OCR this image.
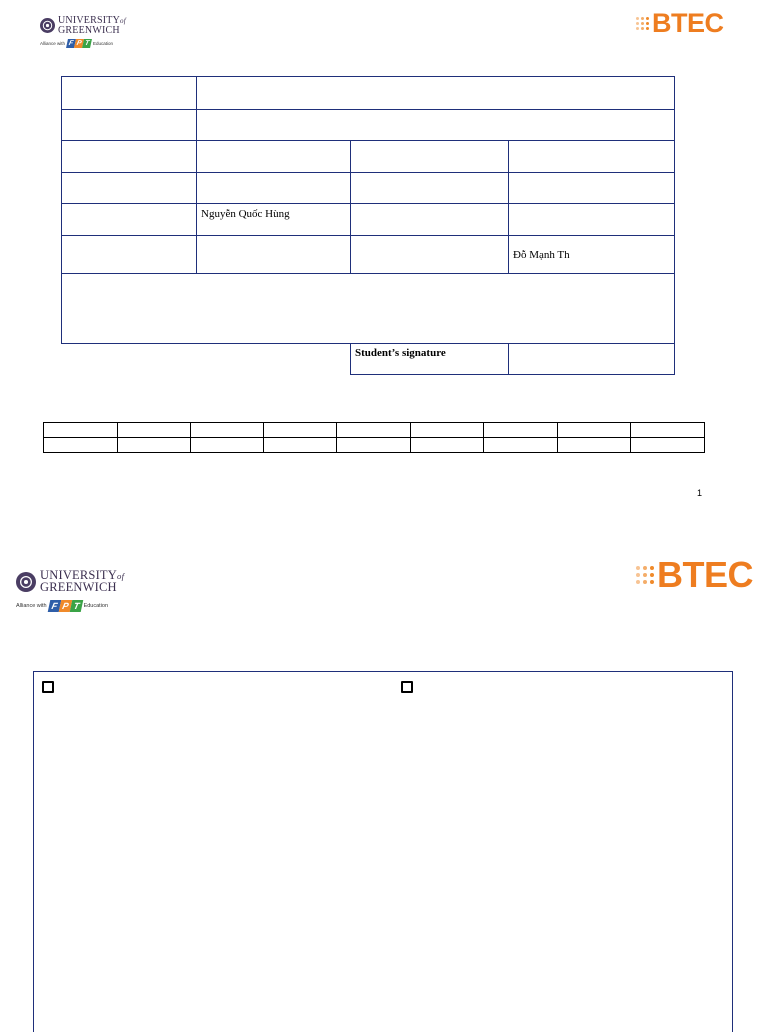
UNIVERSITYof
GREENWICH
Alliance with F P T Education
BTEC

	Nguyễn Quốc Hùng		
			Đỗ Mạnh Th

		Student’s signature	

1
UNIVERSITYof
GREENWICH
Alliance with F P T Education
BTEC
